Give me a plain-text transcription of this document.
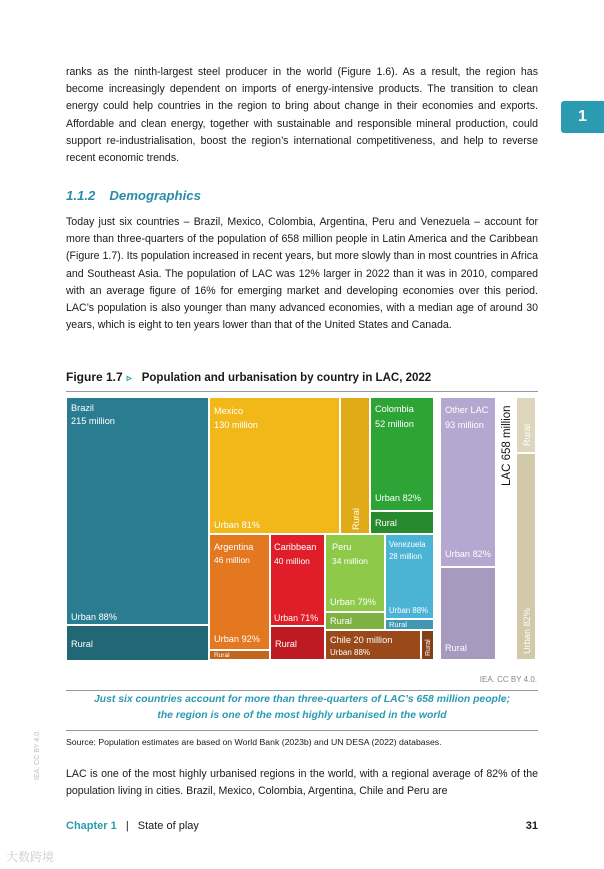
ranks as the ninth-largest steel producer in the world (Figure 1.6). As a result, the region has become increasingly dependent on imports of energy-intensive products. The transition to clean energy could help countries in the region to bring about change in their economies and exports. Affordable and clean energy, together with sustainable and responsible mineral production, could support re-industrialisation, boost the region’s international competitiveness, and help to reverse recent economic trends.
1
1.1.2 Demographics
Today just six countries – Brazil, Mexico, Colombia, Argentina, Peru and Venezuela – account for more than three-quarters of the population of 658 million people in Latin America and the Caribbean (Figure 1.7). Its population increased in recent years, but more slowly than in most countries in Africa and Southeast Asia. The population of LAC was 12% larger in 2022 than it was in 2010, compared with an average figure of 16% for emerging market and developing economies over this period. LAC’s population is also younger than many advanced economies, with a median age of around 30 years, which is eight to ten years lower than that of the United States and Canada.
Figure 1.7 ▹ Population and urbanisation by country in LAC, 2022
IEA. CC BY 4.0.
Just six countries account for more than three-quarters of LAC’s 658 million people;
the region is one of the most highly urbanised in the world
Source: Population estimates are based on World Bank (2023b) and UN DESA (2022) databases.
LAC is one of the most highly urbanised regions in the world, with a regional average of 82% of the population living in cities. Brazil, Mexico, Colombia, Argentina, Chile and Peru are
Chapter 1 | State of play	31
IEA. CC BY 4.0.
大数跨境
Brazil
215 million
Urban 88%
Rural
Mexico
130 million
Urban 81%	Rural
Colombia
52 million
Urban 82%
Rural
Other LAC
93 million
Urban 82%
Rural
LAC 658 million Rural
Urban 82%
Argentina
46 million
Urban 92%
Rural
Caribbean
40 million
Urban 71%
Rural
Peru
34 million
Urban 79%
Rural
Venezuela
28 million
Urban 88%
Rural
Chile 20 million
Urban 88%	Rural
